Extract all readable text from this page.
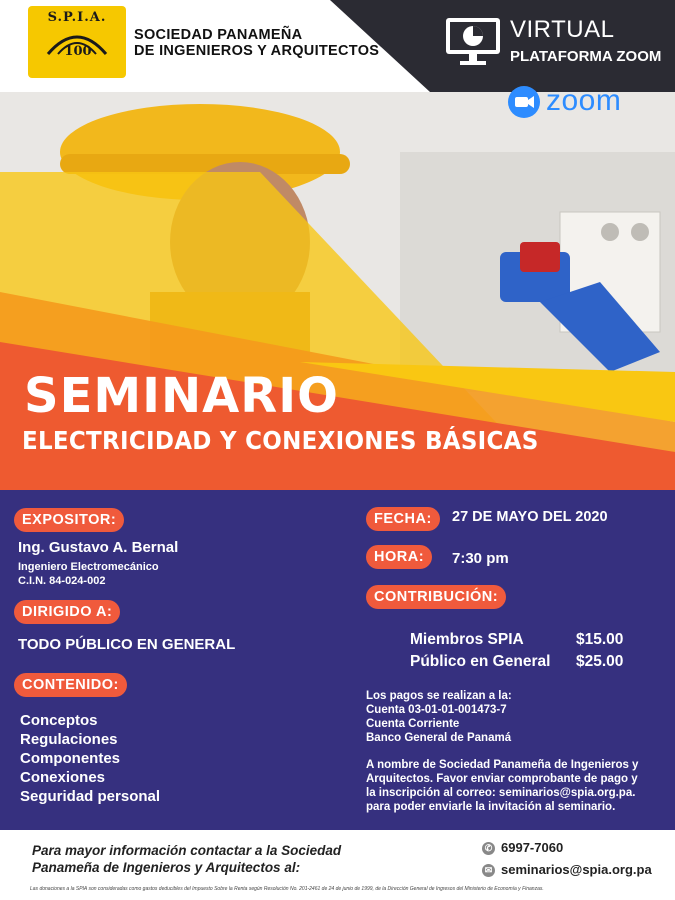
S.P.I.A.
100
SOCIEDAD PANAMEÑA
DE INGENIEROS Y ARQUITECTOS
VIRTUAL
PLATAFORMA ZOOM
SEMINARIO
ELECTRICIDAD Y CONEXIONES BÁSICAS
zoom
EXPOSITOR:
Ing. Gustavo A. Bernal
Ingeniero Electromecánico
C.I.N. 84-024-002
DIRIGIDO A:
TODO PÚBLICO EN GENERAL
CONTENIDO:
Conceptos
Regulaciones
Componentes
Conexiones
Seguridad personal
FECHA:	27 DE MAYO DEL 2020
HORA:	7:30 pm
CONTRIBUCIÓN:
Miembros SPIA	$15.00
Público en General $25.00
Los pagos se realizan a la:
Cuenta 03-01-01-001473-7
Cuenta Corriente
Banco General de Panamá
A nombre de Sociedad Panameña de Ingenieros y
Arquitectos. Favor enviar comprobante de pago y
la inscripción al correo: seminarios@spia.org.pa.
para poder enviarle la invitación al seminario.
Para mayor información contactar a la Sociedad
Panameña de Ingenieros y Arquitectos al:
✆ 6997-7060
✉ seminarios@spia.org.pa
Las donaciones a la SPIA son consideradas como gastos deducibles del Impuesto Sobre la Renta según Resolución No. 201-2461 de 24 de junio de 1999, de la Dirección General de Ingresos del Ministerio de Economía y Finanzas.
